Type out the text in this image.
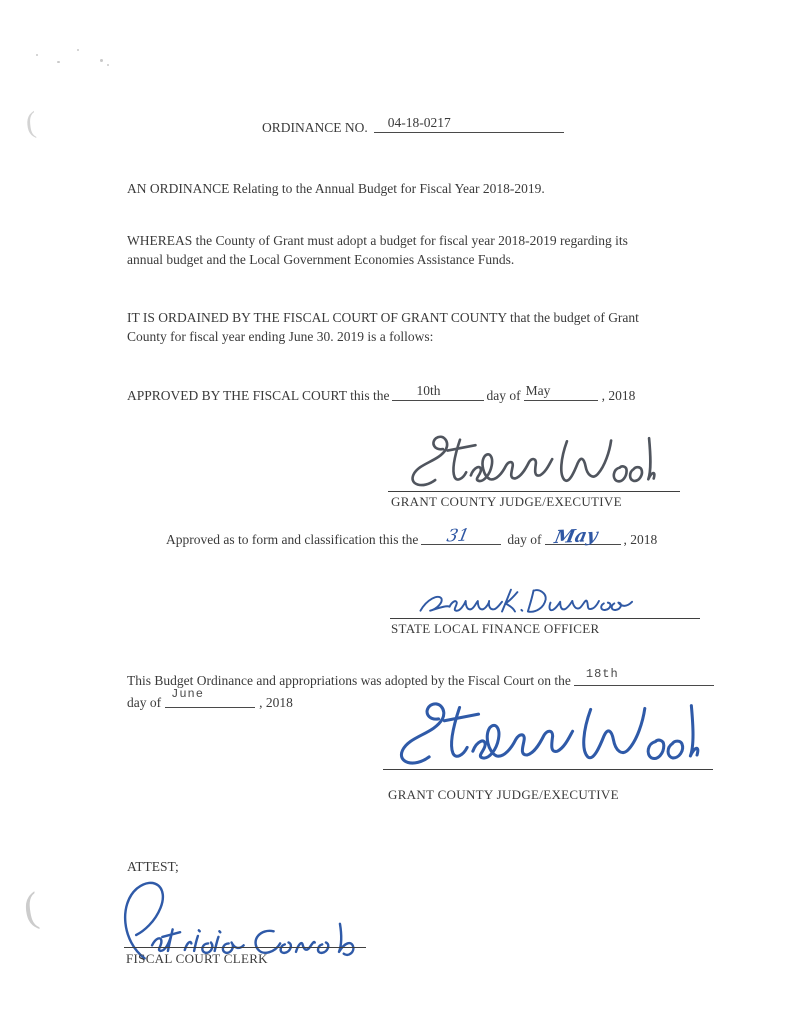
(
(
ORDINANCE NO.

04-18-0217

AN ORDINANCE Relating to the Annual Budget for Fiscal Year 2018-2019.
WHEREAS the County of Grant must adopt a budget for fiscal year 2018-2019 regarding its
annual budget and the Local Government Economies Assistance Funds.
IT IS ORDAINED BY THE FISCAL COURT OF GRANT COUNTY that the budget of Grant
County for fiscal year ending June 30. 2019 is a follows:
APPROVED BY THE FISCAL COURT this the

10th

	day of

May

	, 2018
GRANT COUNTY JUDGE/EXECUTIVE
Approved as to form and classification this the

31

	day of

May

, 2018
STATE LOCAL FINANCE OFFICER
This Budget Ordinance and appropriations was adopted by the Fiscal Court on the

18th

day of

June

, 2018
GRANT COUNTY JUDGE/EXECUTIVE
ATTEST;
FISCAL COURT CLERK
